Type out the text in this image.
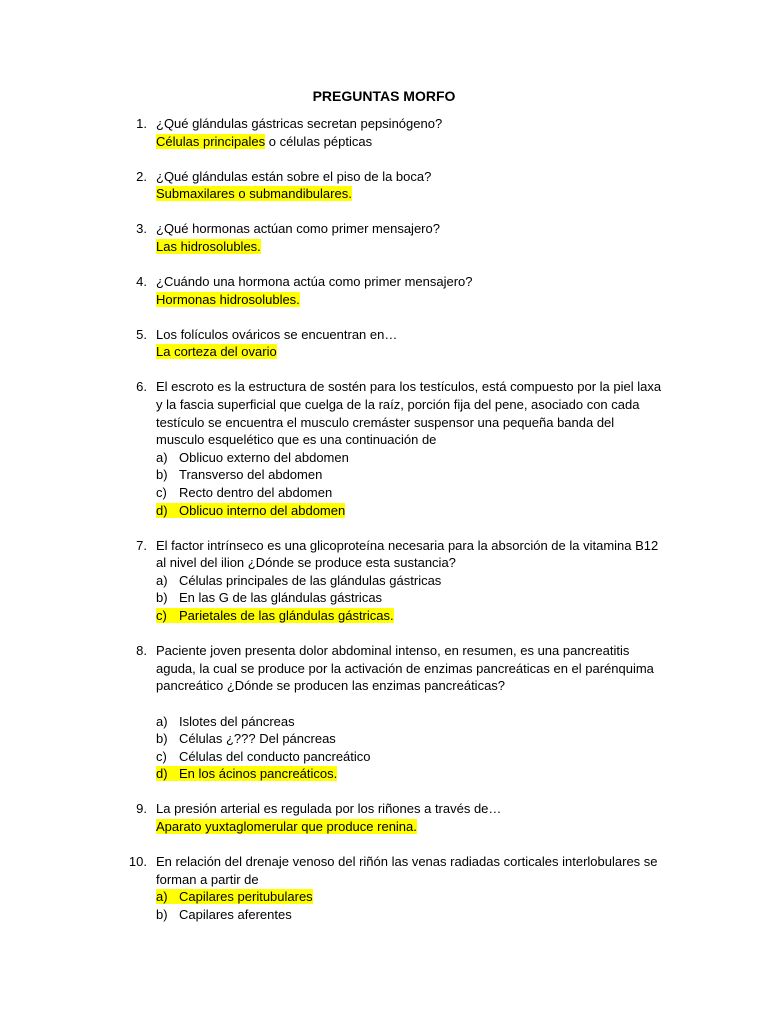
PREGUNTAS MORFO
1. ¿Qué glándulas gástricas secretan pepsinógeno?
Células principales o células pépticas
2. ¿Qué glándulas están sobre el piso de la boca?
Submaxilares o submandibulares.
3. ¿Qué hormonas actúan como primer mensajero?
Las hidrosolubles.
4. ¿Cuándo una hormona actúa como primer mensajero?
Hormonas hidrosolubles.
5. Los folículos ováricos se encuentran en…
La corteza del ovario
6. El escroto es la estructura de sostén para los testículos, está compuesto por la piel laxa
y la fascia superficial que cuelga de la raíz, porción fija del pene, asociado con cada
testículo se encuentra el musculo cremáster suspensor una pequeña banda del
musculo esquelético que es una continuación de
a) Oblicuo externo del abdomen
b) Transverso del abdomen
c) Recto dentro del abdomen
d) Oblicuo interno del abdomen
7. El factor intrínseco es una glicoproteína necesaria para la absorción de la vitamina B12
al nivel del ilion ¿Dónde se produce esta sustancia?
a) Células principales de las glándulas gástricas
b) En las G de las glándulas gástricas
c) Parietales de las glándulas gástricas.
8. Paciente joven presenta dolor abdominal intenso, en resumen, es una pancreatitis
aguda, la cual se produce por la activación de enzimas pancreáticas en el parénquima
pancreático ¿Dónde se producen las enzimas pancreáticas?
a) Islotes del páncreas
b) Células ¿??? Del páncreas
c) Células del conducto pancreático
d) En los ácinos pancreáticos.
9. La presión arterial es regulada por los riñones a través de…
Aparato yuxtaglomerular que produce renina.
10. En relación del drenaje venoso del riñón las venas radiadas corticales interlobulares se
forman a partir de
a) Capilares peritubulares
b) Capilares aferentes
